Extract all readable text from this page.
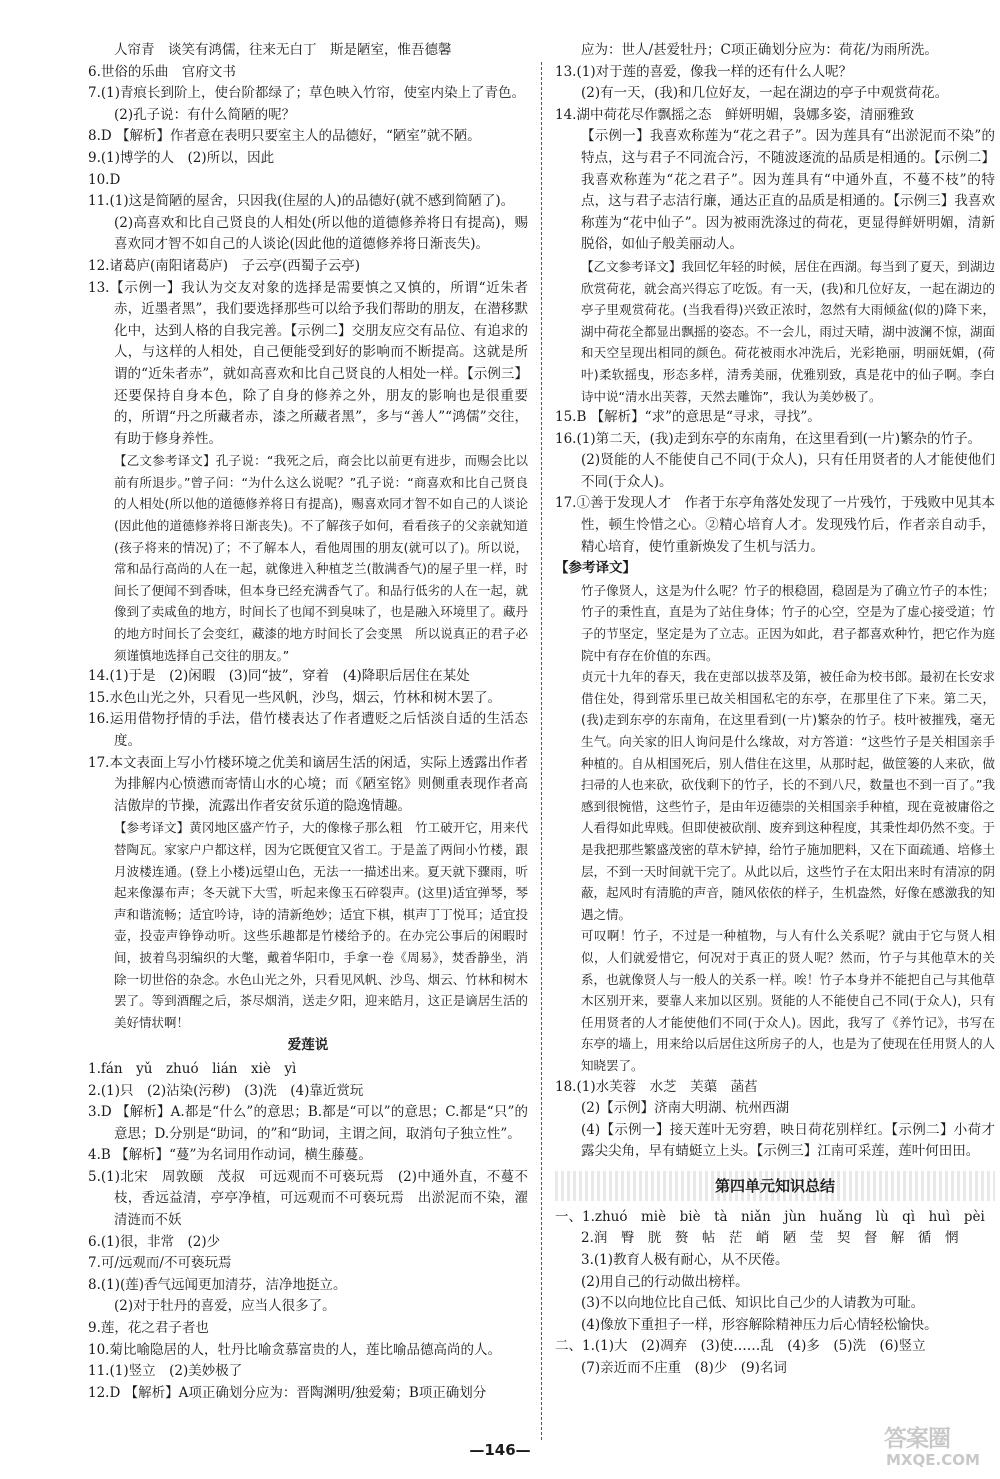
人帘青　谈笑有鸿儒，往来无白丁　斯是陋室，惟吾德馨

6.世俗的乐曲　官府文书

7.(1)青痕长到阶上，使台阶都绿了；草色映入竹帘，使室内染上了青色。

(2)孔子说：有什么简陋的呢？

8.D 【解析】作者意在表明只要室主人的品德好，“陋室”就不陋。

9.(1)博学的人　(2)所以，因此

10.D

11.(1)这是简陋的屋舍，只因我(住屋的人)的品德好(就不感到简陋了)。

(2)高喜欢和比自己贤良的人相处(所以他的道德修养将日有提高)，赐喜欢同才智不如自己的人谈论(因此他的道德修养将日渐丧失)。

12.诸葛庐(南阳诸葛庐)　子云亭(西蜀子云亭)

13.【示例一】我认为交友对象的选择是需要慎之又慎的，所谓“近朱者赤，近墨者黑”，我们要选择那些可以给予我们帮助的朋友，在潜移默化中，达到人格的自我完善。【示例二】交朋友应交有品位、有追求的人，与这样的人相处，自己便能受到好的影响而不断提高。这就是所谓的“近朱者赤”，就如高喜欢和比自己贤良的人相处一样。【示例三】还要保持自身本色，除了自身的修养之外，朋友的影响也是很重要的，所谓“丹之所藏者赤，漆之所藏者黑”，多与“善人”“鸿儒”交往，有助于修身养性。

【乙文参考译文】孔子说：“我死之后，商会比以前更有进步，而赐会比以前有所退步。”曾子问：“为什么这么说呢？”孔子说：“商喜欢和比自己贤良的人相处(所以他的道德修养将日有提高)，赐喜欢同才智不如自己的人谈论(因此他的道德修养将日渐丧失)。不了解孩子如何，看看孩子的父亲就知道(孩子将来的情况)了；不了解本人，看他周围的朋友(就可以了)。所以说，常和品行高尚的人在一起，就像进入种植芝兰(散满香气)的屋子里一样，时间长了便闻不到香味，但本身已经充满香气了。和品行低劣的人在一起，就像到了卖咸鱼的地方，时间长了也闻不到臭味了，也是融入环境里了。藏丹的地方时间长了会变红，藏漆的地方时间长了会变黑　所以说真正的君子必须谨慎地选择自己交往的朋友。”

14.(1)于是　(2)闲暇　(3)同“披”，穿着　(4)降职后居住在某处

15.水色山光之外，只看见一些风帆，沙鸟，烟云，竹林和树木罢了。

16.运用借物抒情的手法，借竹楼表达了作者遭贬之后恬淡自适的生活态度。

17.本文表面上写小竹楼环境之优美和谪居生活的闲适，实际上透露出作者为排解内心愤懑而寄情山水的心境；而《陋室铭》则侧重表现作者高洁傲岸的节操，流露出作者安贫乐道的隐逸情趣。

【参考译文】黄冈地区盛产竹子，大的像椽子那么粗　竹工破开它，用来代替陶瓦。家家户户都这样，因为它既便宜又省工。于是盖了两间小竹楼，跟月波楼连通。(登上小楼)远望山色，无法一一描述出来。夏天就下骤雨，听起来像瀑布声；冬天就下大雪，听起来像玉石碎裂声。(这里)适宜弹琴，琴声和谐流畅；适宜吟诗，诗的清新绝妙；适宜下棋，棋声丁丁悦耳；适宜投壶，投壶声铮铮动听。这些乐趣都是竹楼给予的。在办完公事后的闲暇时间，披着鸟羽编织的大氅，戴着华阳巾，手拿一卷《周易》，焚香静坐，消除一切世俗的杂念。水色山光之外，只看见风帆、沙鸟、烟云、竹林和树木罢了。等到酒醒之后，茶尽烟消，送走夕阳，迎来皓月，这正是谪居生活的美好情状啊！

爱莲说

1.fán　yǔ　zhuó　lián　xiè　yì

2.(1)只　(2)沾染(污秽)　(3)洗　(4)靠近赏玩

3.D 【解析】A.都是“什么”的意思；B.都是“可以”的意思；C.都是“只”的意思；D.分别是“助词，的”和“助词，主谓之间，取消句子独立性”。

4.B 【解析】“蔓”为名词用作动词，横生藤蔓。

5.(1)北宋　周敦颐　茂叔　可远观而不可亵玩焉　(2)中通外直，不蔓不枝，香远益清，亭亭净植，可远观而不可亵玩焉　出淤泥而不染，濯清涟而不妖

6.(1)很，非常　(2)少

7.可/远观而/不可亵玩焉

8.(1)(莲)香气远闻更加清芬，洁净地挺立。

(2)对于牡丹的喜爱，应当人很多了。

9.莲，花之君子者也

10.菊比喻隐居的人，牡丹比喻贪慕富贵的人，莲比喻品德高尚的人。

11.(1)竖立　(2)美妙极了

12.D 【解析】A项正确划分应为：晋陶渊明/独爱菊；B项正确划分

应为：世人/甚爱牡丹；C项正确划分应为：荷花/为雨所洗。

13.(1)对于莲的喜爱，像我一样的还有什么人呢？

(2)有一天，(我)和几位好友，一起在湖边的亭子中观赏荷花。

14.湖中荷花尽作飘摇之态　鲜妍明媚，袅娜多姿，清丽雅致

【示例一】我喜欢称莲为“花之君子”。因为莲具有“出淤泥而不染”的特点，这与君子不同流合污，不随波逐流的品质是相通的。【示例二】我喜欢称莲为“花之君子”。因为莲具有“中通外直，不蔓不枝”的特点，这与君子志洁行廉，通达正直的品质是相通的。【示例三】我喜欢称莲为“花中仙子”。因为被雨洗涤过的荷花，更显得鲜妍明媚，清新脱俗，如仙子般美丽动人。

【乙文参考译文】我回忆年轻的时候，居住在西湖。每当到了夏天，到湖边欣赏荷花，就会高兴得忘了吃饭。有一天，(我)和几位好友，一起在湖边的亭子里观赏荷花。(当我看得)兴致正浓时，忽然有大雨倾盆(似的)降下来，湖中荷花全都显出飘摇的姿态。不一会儿，雨过天晴，湖中波澜不惊，湖面和天空呈现出相同的颜色。荷花被雨水冲洗后，光彩艳丽，明丽妩媚，(荷叶)柔软摇曳，形态多样，清秀美丽，优雅别致，真是花中的仙子啊。李白诗中说“清水出芙蓉，天然去雕饰”，我认为美妙极了。

15.B 【解析】“求”的意思是“寻求，寻找”。

16.(1)第二天，(我)走到东亭的东南角，在这里看到(一片)繁杂的竹子。

(2)贤能的人不能使自己不同(于众人)，只有任用贤者的人才能使他们不同(于众人)。

17.①善于发现人才　作者于东亭角落处发现了一片残竹，于残败中见其本性，顿生怜惜之心。②精心培育人才。发现残竹后，作者亲自动手，精心培育，使竹重新焕发了生机与活力。

【参考译文】

竹子像贤人，这是为什么呢？竹子的根稳固，稳固是为了确立竹子的本性；竹子的秉性直，直是为了站住身体；竹子的心空，空是为了虚心接受道；竹子的节坚定，坚定是为了立志。正因为如此，君子都喜欢种竹，把它作为庭院中有存在价值的东西。

贞元十九年的春天，我在吏部以拔萃及第，被任命为校书郎。最初在长安求借住处，得到常乐里已故关相国私宅的东亭，在那里住了下来。第二天，(我)走到东亭的东南角，在这里看到(一片)繁杂的竹子。枝叶被摧残，毫无生气。向关家的旧人询问是什么缘故，对方答道：“这些竹子是关相国亲手种植的。自从相国死后，别人借住在这里，从那时起，做筐篓的人来砍，做扫帚的人也来砍，砍伐剩下的竹子，长的不到八尺，数量也不到一百了。”我感到很惋惜，这些竹子，是由年迈德崇的关相国亲手种植，现在竟被庸俗之人看得如此卑贱。但即使被砍削、废弃到这种程度，其秉性却仍然不变。于是我把那些繁盛茂密的草木铲掉，给竹子施加肥料，又在下面疏通、培修土层，不到一天时间就干完了。从此以后，这些竹子在太阳出来时有清凉的阴蔽，起风时有清脆的声音，随风依依的样子，生机盎然，好像在感激我的知遇之情。

可叹啊！竹子，不过是一种植物，与人有什么关系呢？就由于它与贤人相似，人们就爱惜它，何况对于真正的贤人呢？然而，竹子与其他草木的关系，也就像贤人与一般人的关系一样。唉！竹子本身并不能把自己与其他草木区别开来，要靠人来加以区别。贤能的人不能使自己不同(于众人)，只有任用贤者的人才能使他们不同(于众人)。因此，我写了《养竹记》，书写在东亭的墙上，用来给以后居住这所房子的人，也是为了使现在任用贤人的人知晓罢了。

18.(1)水芙蓉　水芝　芙蕖　菡萏

(2)【示例】济南大明湖、杭州西湖

(4)【示例一】接天莲叶无穷碧，映日荷花别样红。【示例二】小荷才露尖尖角，早有蜻蜓立上头。【示例三】江南可采莲，莲叶何田田。

第四单元知识总结

一、1.zhuó　miè　biè　tà　niǎn　jùn　huǎng　lù　qì　huì　pèi

2.润　臀　胱　赘　帖　茫　峭　陋　莹　契　督　解　循　惘

3.(1)教育人极有耐心，从不厌倦。

(2)用自己的行动做出榜样。

(3)不以向地位比自己低、知识比自己少的人请教为可耻。

(4)像放下重担子一样，形容解除精神压力后心情轻松愉快。

二、1.(1)大　(2)凋弃　(3)使……乱　(4)多　(5)洗　(6)竖立

(7)亲近而不庄重　(8)少　(9)名词

—146—	答案圈
MXQE.COM
